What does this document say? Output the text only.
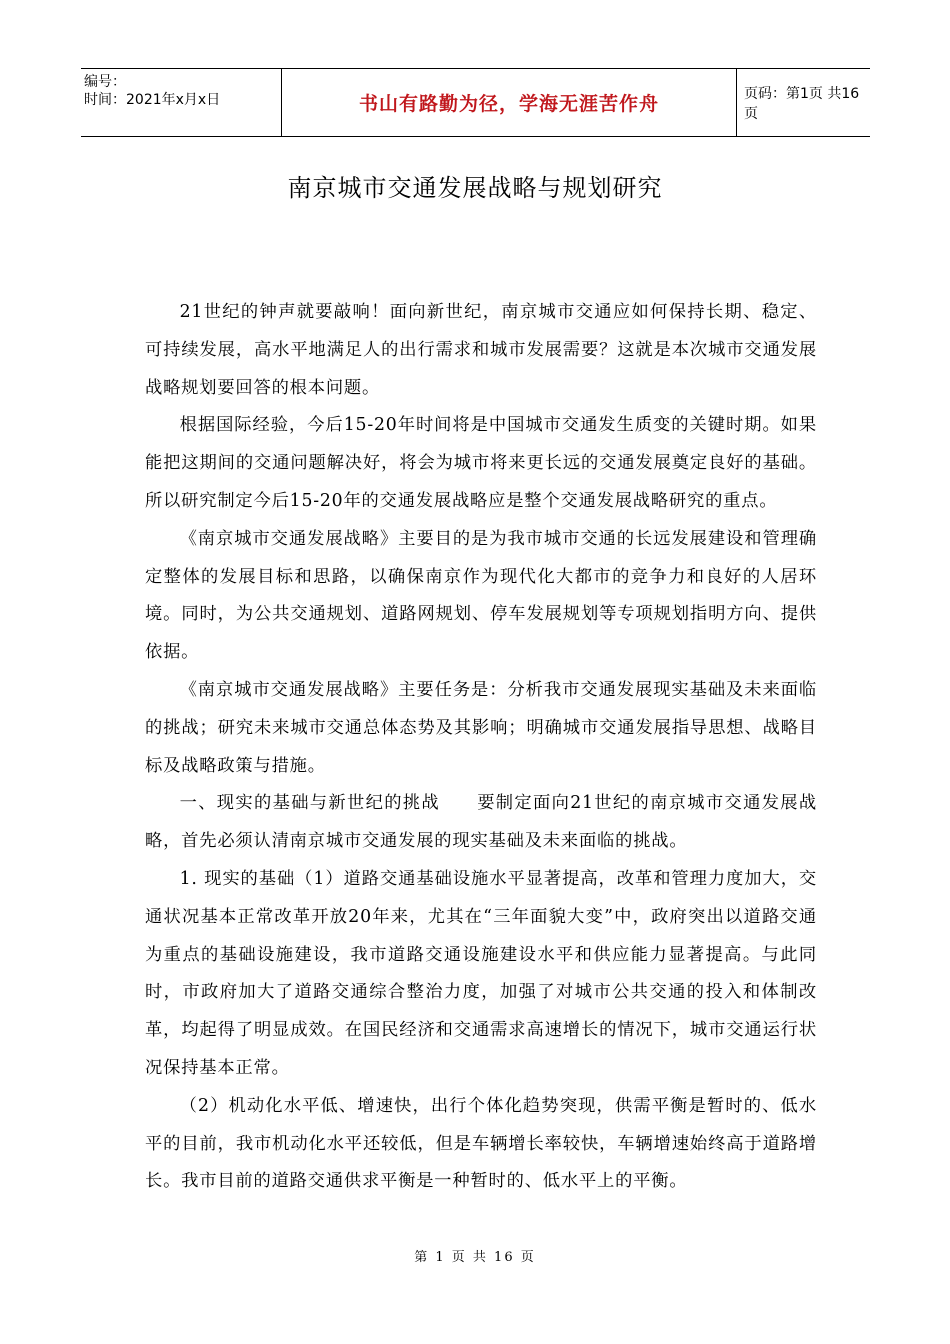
编号：
时间：2021年x月x日	书山有路勤为径，学海无涯苦作舟	页码：第1页 共16页
南京城市交通发展战略与规划研究

21世纪的钟声就要敲响！面向新世纪，南京城市交通应如何保持长期、稳定、可持续发展，高水平地满足人的出行需求和城市发展需要？这就是本次城市交通发展战略规划要回答的根本问题。

根据国际经验，今后15-20年时间将是中国城市交通发生质变的关键时期。如果能把这期间的交通问题解决好，将会为城市将来更长远的交通发展奠定良好的基础。所以研究制定今后15-20年的交通发展战略应是整个交通发展战略研究的重点。

《南京城市交通发展战略》主要目的是为我市城市交通的长远发展建设和管理确定整体的发展目标和思路，以确保南京作为现代化大都市的竞争力和良好的人居环境。同时，为公共交通规划、道路网规划、停车发展规划等专项规划指明方向、提供依据。

《南京城市交通发展战略》主要任务是：分析我市交通发展现实基础及未来面临的挑战；研究未来城市交通总体态势及其影响；明确城市交通发展指导思想、战略目标及战略政策与措施。

一、现实的基础与新世纪的挑战　　要制定面向21世纪的南京城市交通发展战略，首先必须认清南京城市交通发展的现实基础及未来面临的挑战。

1. 现实的基础（1）道路交通基础设施水平显著提高，改革和管理力度加大，交通状况基本正常改革开放20年来，尤其在“三年面貌大变”中，政府突出以道路交通为重点的基础设施建设，我市道路交通设施建设水平和供应能力显著提高。与此同时，市政府加大了道路交通综合整治力度，加强了对城市公共交通的投入和体制改革，均起得了明显成效。在国民经济和交通需求高速增长的情况下，城市交通运行状况保持基本正常。

（2）机动化水平低、增速快，出行个体化趋势突现，供需平衡是暂时的、低水平的目前，我市机动化水平还较低，但是车辆增长率较快，车辆增速始终高于道路增长。我市目前的道路交通供求平衡是一种暂时的、低水平上的平衡。

第 1 页 共 16 页
